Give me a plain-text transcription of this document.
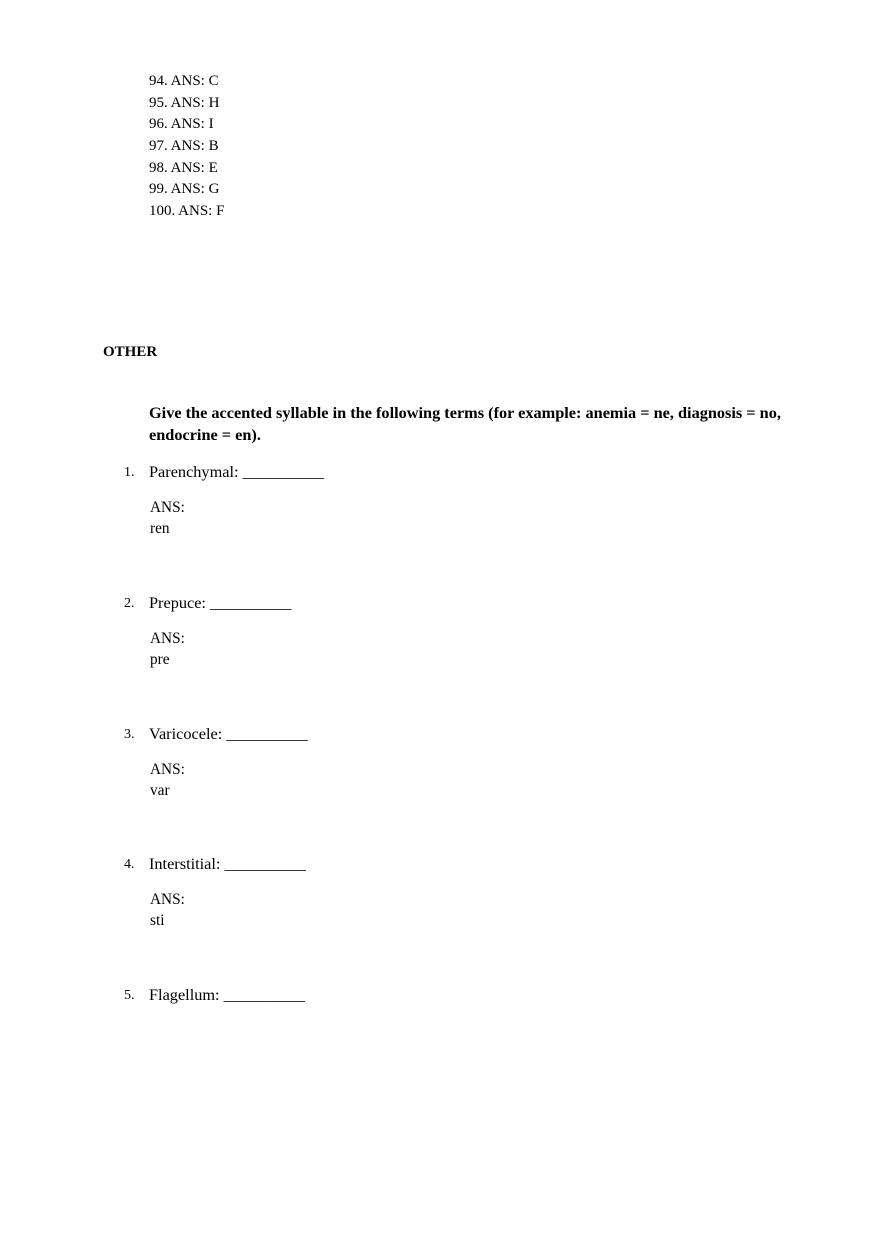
94. ANS: C
95. ANS: H
96. ANS: I
97. ANS: B
98. ANS: E
99. ANS: G
100. ANS: F
OTHER
Give the accented syllable in the following terms (for example: anemia = ne, diagnosis = no, endocrine = en).
1. Parenchymal: __________
ANS:
ren
2. Prepuce: __________
ANS:
pre
3. Varicocele: __________
ANS:
var
4. Interstitial: __________
ANS:
sti
5. Flagellum: __________
